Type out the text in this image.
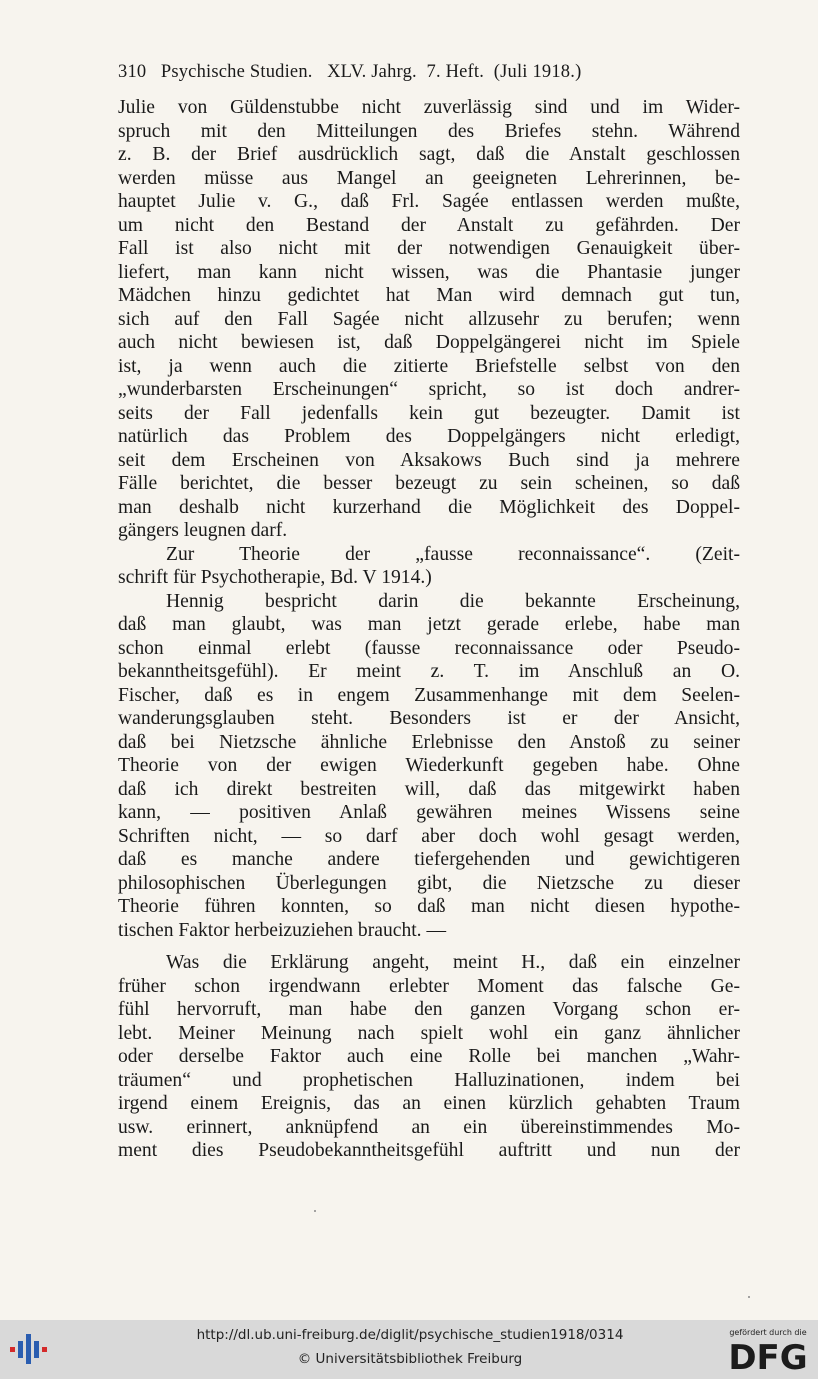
310   Psychische Studien.   XLV. Jahrg.  7. Heft.  (Juli 1918.)
Julie von Güldenstubbe nicht zuverlässig sind und im Wider-
spruch mit den Mitteilungen des Briefes stehn. Während
z. B. der Brief ausdrücklich sagt, daß die Anstalt geschlossen
werden müsse aus Mangel an geeigneten Lehrerinnen, be-
hauptet Julie v. G., daß Frl. Sagée entlassen werden mußte,
um nicht den Bestand der Anstalt zu gefährden. Der
Fall ist also nicht mit der notwendigen Genauigkeit über-
liefert, man kann nicht wissen, was die Phantasie junger
Mädchen hinzu gedichtet hat Man wird demnach gut tun,
sich auf den Fall Sagée nicht allzusehr zu berufen; wenn
auch nicht bewiesen ist, daß Doppelgängerei nicht im Spiele
ist, ja wenn auch die zitierte Briefstelle selbst von den
„wunderbarsten Erscheinungen“ spricht, so ist doch andrer-
seits der Fall jedenfalls kein gut bezeugter. Damit ist
natürlich das Problem des Doppelgängers nicht erledigt,
seit dem Erscheinen von Aksakows Buch sind ja mehrere
Fälle berichtet, die besser bezeugt zu sein scheinen, so daß
man deshalb nicht kurzerhand die Möglichkeit des Doppel-
gängers leugnen darf.
Zur Theorie der „fausse reconnaissance“. (Zeit-
schrift für Psychotherapie, Bd. V 1914.)
Hennig bespricht darin die bekannte Erscheinung,
daß man glaubt, was man jetzt gerade erlebe, habe man
schon einmal erlebt (fausse reconnaissance oder Pseudo-
bekanntheitsgefühl). Er meint z. T. im Anschluß an O.
Fischer, daß es in engem Zusammenhange mit dem Seelen-
wanderungsglauben steht. Besonders ist er der Ansicht,
daß bei Nietzsche ähnliche Erlebnisse den Anstoß zu seiner
Theorie von der ewigen Wiederkunft gegeben habe. Ohne
daß ich direkt bestreiten will, daß das mitgewirkt haben
kann, — positiven Anlaß gewähren meines Wissens seine
Schriften nicht, — so darf aber doch wohl gesagt werden,
daß es manche andere tiefergehenden und gewichtigeren
philosophischen Überlegungen gibt, die Nietzsche zu dieser
Theorie führen konnten, so daß man nicht diesen hypothe-
tischen Faktor herbeizuziehen braucht. —
Was die Erklärung angeht, meint H., daß ein einzelner
früher schon irgendwann erlebter Moment das falsche Ge-
fühl hervorruft, man habe den ganzen Vorgang schon er-
lebt. Meiner Meinung nach spielt wohl ein ganz ähnlicher
oder derselbe Faktor auch eine Rolle bei manchen „Wahr-
träumen“ und prophetischen Halluzinationen, indem bei
irgend einem Ereignis, das an einen kürzlich gehabten Traum
usw. erinnert, anknüpfend an ein übereinstimmendes Mo-
ment dies Pseudobekanntheitsgefühl auftritt und nun der
http://dl.ub.uni-freiburg.de/diglit/psychische_studien1918/0314
© Universitätsbibliothek Freiburg
gefördert durch die
DFG
